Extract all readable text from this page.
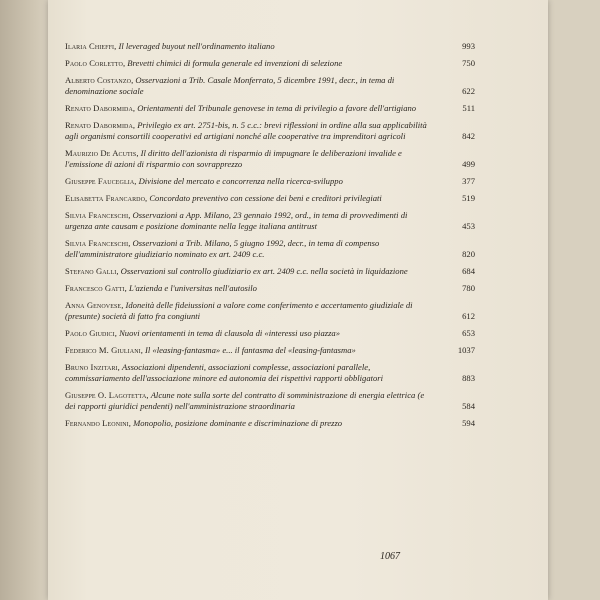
Ilaria Chieffi, Il leveraged buyout nell'ordinamento italiano	993
Paolo Corletto, Brevetti chimici di formula generale ed invenzioni di selezione	750
Alberto Costanzo, Osservazioni a Trib. Casale Monferrato, 5 dicembre 1991, decr., in tema di denominazione sociale	622
Renato Dabormida, Orientamenti del Tribunale genovese in tema di privilegio a favore dell'artigiano	511
Renato Dabormida, Privilegio ex art. 2751-bis, n. 5 c.c.: brevi riflessioni in ordine alla sua applicabilità agli organismi consortili cooperativi ed artigiani nonché alle cooperative tra imprenditori agricoli	842
Maurizio De Acutis, Il diritto dell'azionista di risparmio di impugnare le deliberazioni invalide e l'emissione di azioni di risparmio con sovrapprezzo	499
Giuseppe Fauceglia, Divisione del mercato e concorrenza nella ricerca-sviluppo	377
Elisabetta Francardo, Concordato preventivo con cessione dei beni e creditori privilegiati	519
Silvia Franceschi, Osservazioni a App. Milano, 23 gennaio 1992, ord., in tema di provvedimenti di urgenza ante causam e posizione dominante nella legge italiana antitrust	453
Silvia Franceschi, Osservazioni a Trib. Milano, 5 giugno 1992, decr., in tema di compenso dell'amministratore giudiziario nominato ex art. 2409 c.c.	820
Stefano Galli, Osservazioni sul controllo giudiziario ex art. 2409 c.c. nella società in liquidazione	684
Francesco Gatti, L'azienda e l'universitas nell'autosilo	780
Anna Genovese, Idoneità delle fideiussioni a valore come conferimento e accertamento giudiziale di (presunte) società di fatto fra congiunti	612
Paolo Giudici, Nuovi orientamenti in tema di clausola di «interessi uso piazza»	653
Federico M. Giuliani, Il «leasing-fantasma» e... il fantasma del «leasing-fantasma»	1037
Bruno Inzitari, Associazioni dipendenti, associazioni complesse, associazioni parallele, commissariamento dell'associazione minore ed autonomia dei rispettivi rapporti obbligatori	883
Giuseppe O. Lagotetta, Alcune note sulla sorte del contratto di somministrazione di energia elettrica (e dei rapporti giuridici pendenti) nell'amministrazione straordinaria	584
Fernando Leonini, Monopolio, posizione dominante e discriminazione di prezzo	594
1067
